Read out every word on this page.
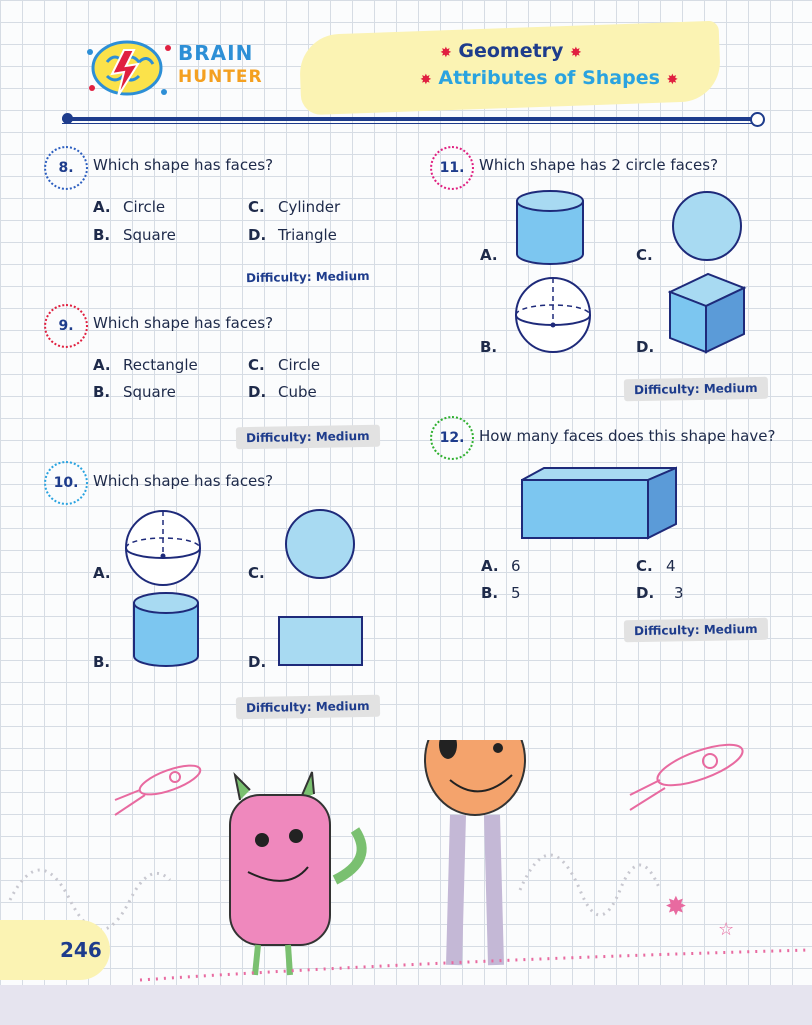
BRAIN
HUNTER
✸ Geometry ✸
✸ Attributes of Shapes ✸
8.	Which shape has faces?
A. Circle
B. Square
C. Cylinder
D. Triangle
Difficulty: Medium
9.	Which shape has faces?
A. Rectangle
B. Square
C. Circle
D. Cube
Difficulty: Medium
10. Which shape has faces?
A.
B.
C.
D.
Difficulty: Medium
11. Which shape has 2 circle faces?
A.
B.
C.
D.
Difficulty: Medium
12. How many faces does this shape have?
A. 6
B. 5
C. 4
D. 3
Difficulty: Medium
✸
☆
246
